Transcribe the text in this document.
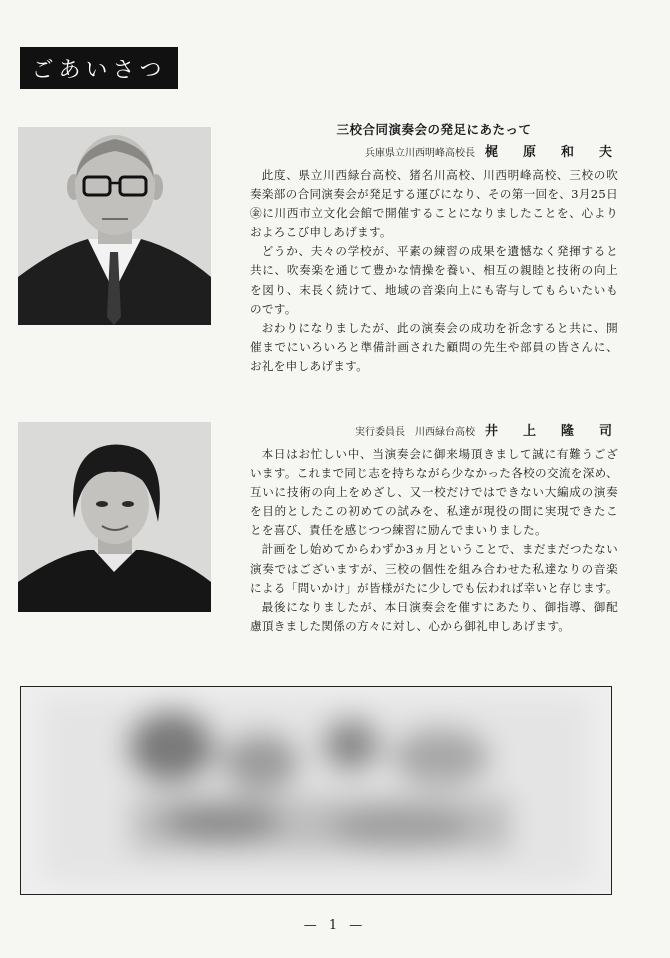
ごあいさつ

三校合同演奏会の発足にあたって

兵庫県立川西明峰高校長 梶　原　和　夫

此度、県立川西緑台高校、猪名川高校、川西明峰高校、三校の吹奏楽部の合同演奏会が発足する運びになり、その第一回を、3月25日㊎に川西市立文化会館で開催することになりましたことを、心よりおよろこび申しあげます。

どうか、夫々の学校が、平素の練習の成果を遺憾なく発揮すると共に、吹奏楽を通じて豊かな情操を養い、相互の親睦と技術の向上を図り、末長く続けて、地域の音楽向上にも寄与してもらいたいものです。

おわりになりましたが、此の演奏会の成功を祈念すると共に、開催までにいろいろと準備計画された顧問の先生や部員の皆さんに、お礼を申しあげます。

実行委員長　川西緑台高校 井　上　隆　司

本日はお忙しい中、当演奏会に御来場頂きまして誠に有難うございます。これまで同じ志を持ちながら少なかった各校の交流を深め、互いに技術の向上をめざし、又一校だけではできない大編成の演奏を目的としたこの初めての試みを、私達が現役の間に実現できたことを喜び、責任を感じつつ練習に励んでまいりました。

計画をし始めてからわずか3ヵ月ということで、まだまだつたない演奏ではございますが、三校の個性を組み合わせた私達なりの音楽による「問いかけ」が皆様がたに少しでも伝われば幸いと存じます。

最後になりましたが、本日演奏会を催すにあたり、御指導、御配慮頂きました関係の方々に対し、心から御礼申しあげます。

— 1 —
